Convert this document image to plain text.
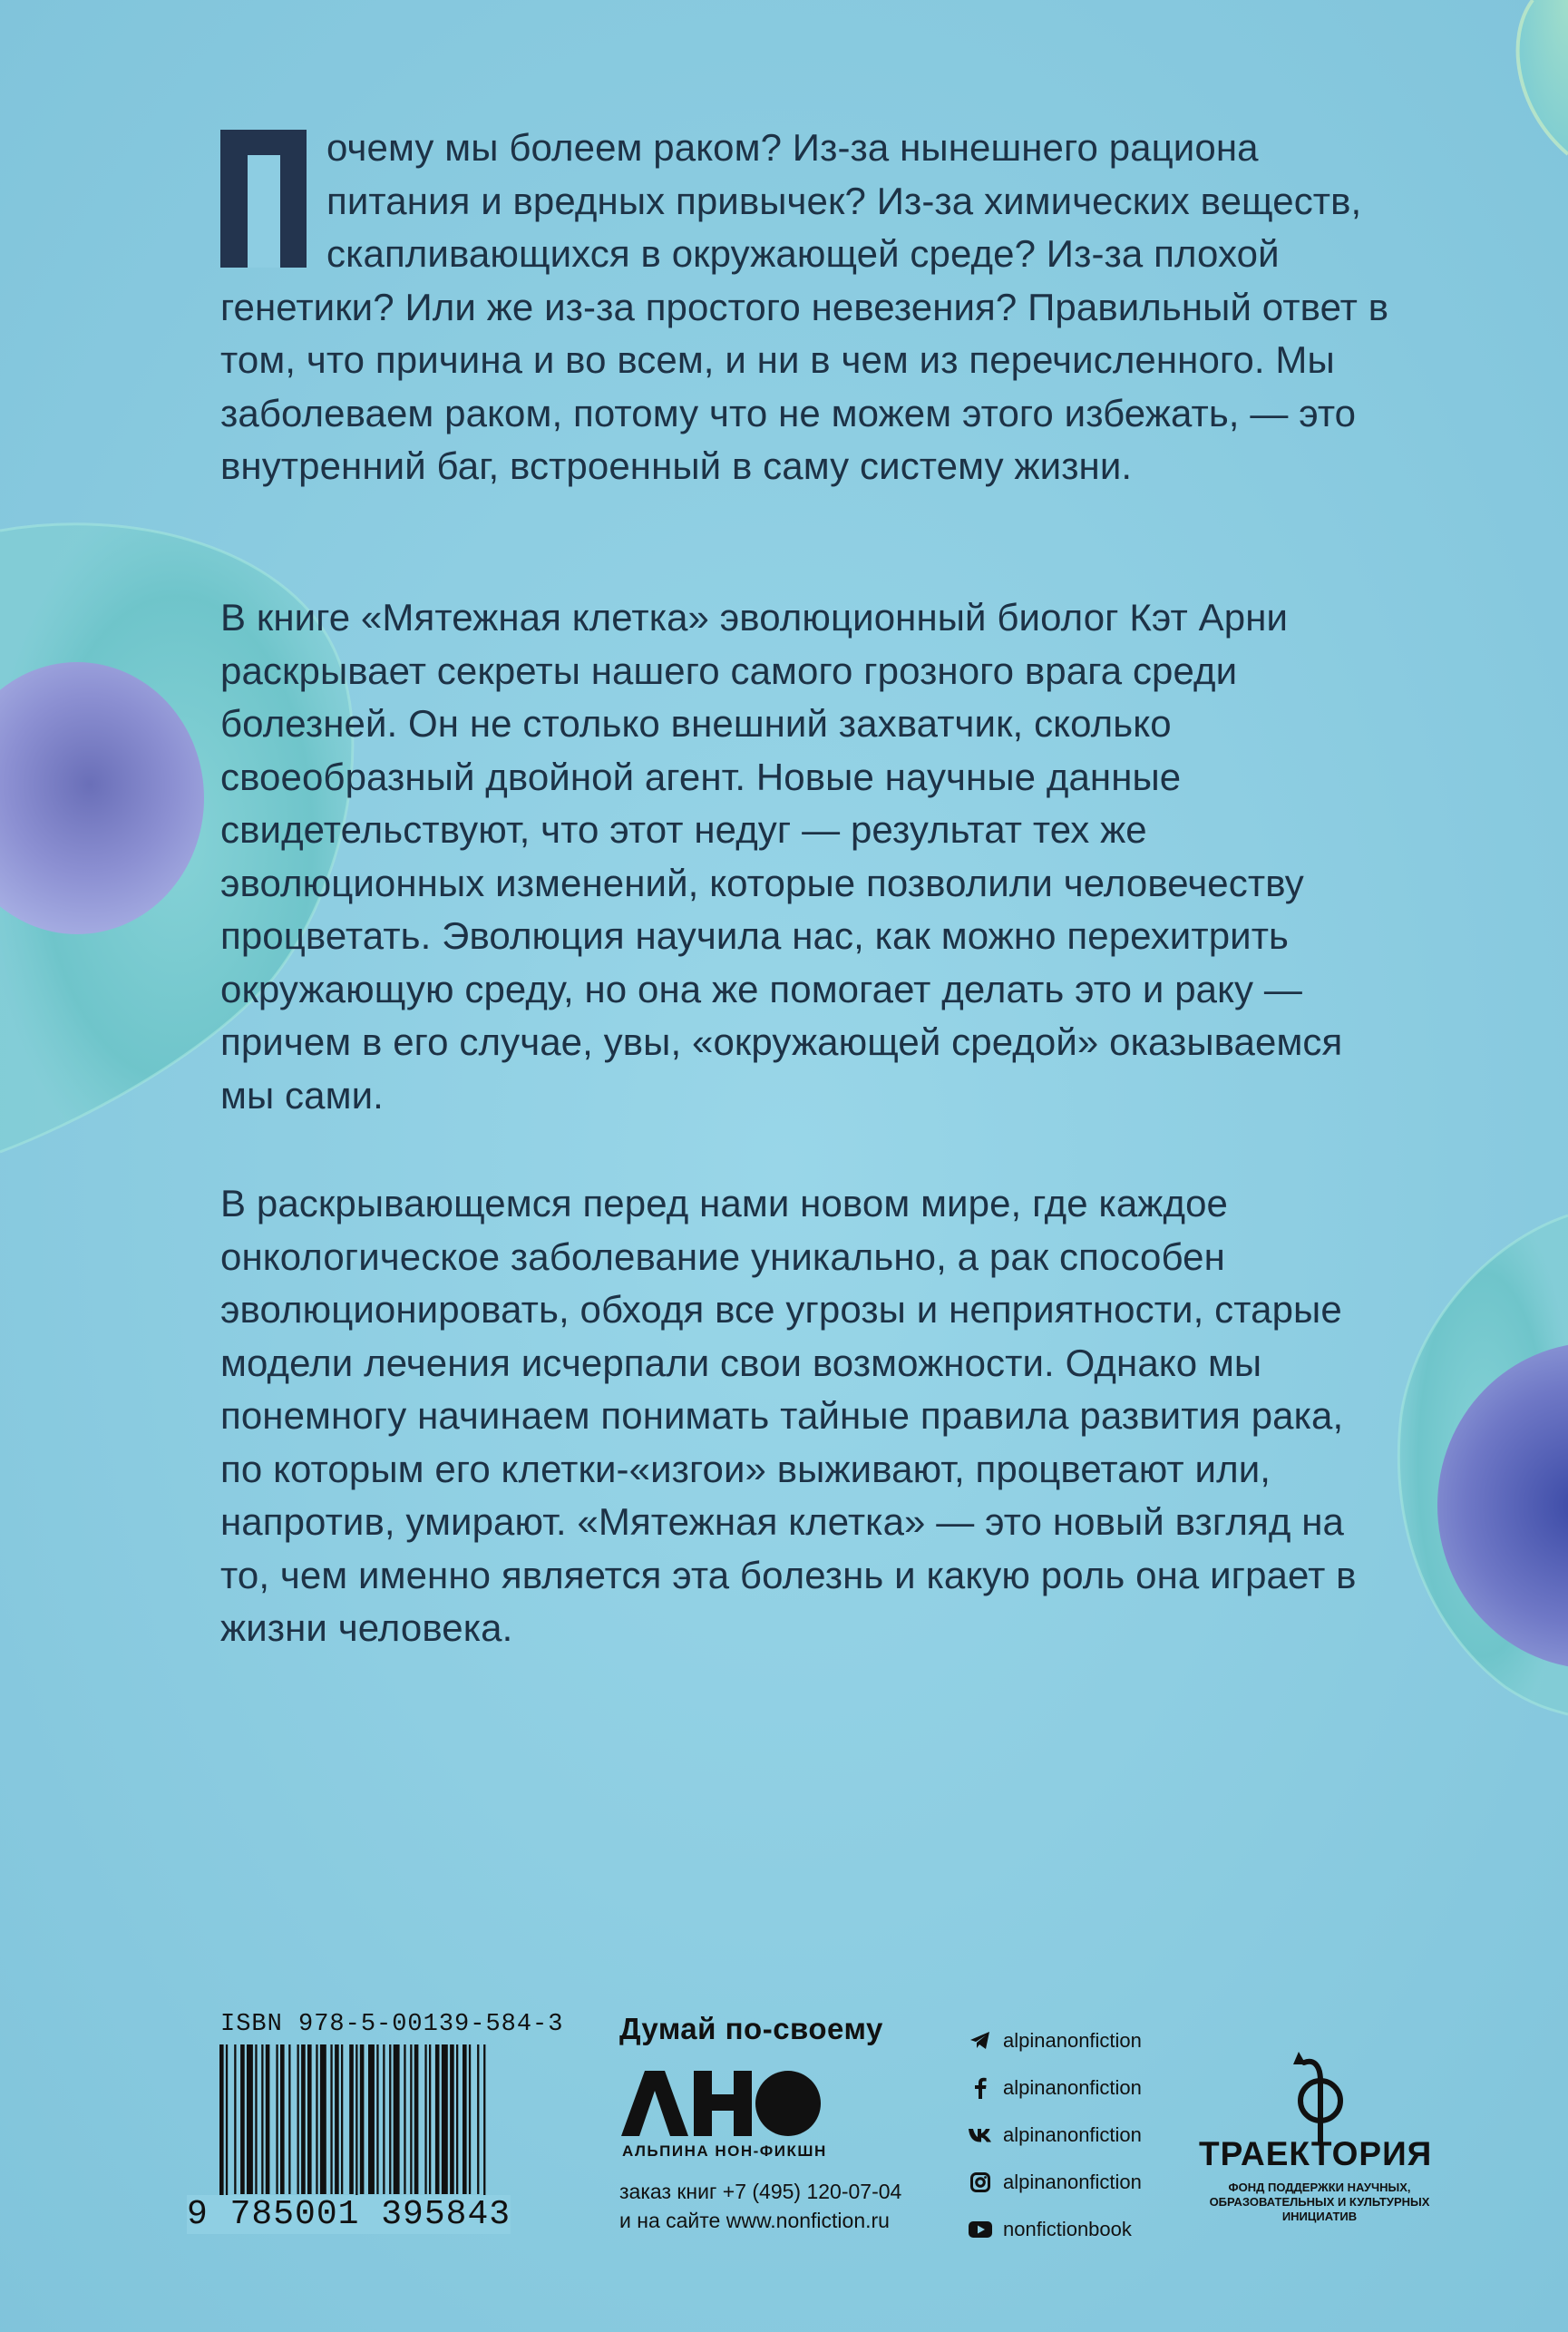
очему мы болеем раком? Из-за нынешнего рациона питания и вредных привычек? Из-за химических веществ, скапливающихся в окружающей среде? Из-за плохой генетики? Или же из-за простого невезения? Правильный ответ в том, что причина и во всем, и ни в чем из перечисленного. Мы заболеваем раком, потому что не можем этого избежать, — это внутренний баг, встроенный в саму систему жизни.

В книге «Мятежная клетка» эволюционный биолог Кэт Арни раскрывает секреты нашего самого грозного врага среди болезней. Он не столько внешний захватчик, сколько своеобразный двойной агент. Новые научные данные свидетельствуют, что этот недуг — результат тех же эволюционных изменений, которые позволили человечеству процветать. Эволюция научила нас, как можно перехитрить окружающую среду, но она же помогает делать это и раку — причем в его случае, увы, «окружающей средой» оказываемся мы сами.

В раскрывающемся перед нами новом мире, где каждое онкологическое заболевание уникально, а рак способен эволюционировать, обходя все угрозы и неприятности, старые модели лечения исчерпали свои возможности. Однако мы понемногу начинаем понимать тайные правила развития рака, по которым его клетки-«изгои» выживают, процветают или, напротив, умирают. «Мятежная клетка» — это новый взгляд на то, чем именно является эта болезнь и какую роль она играет в жизни человека.

ISBN 978-5-00139-584-3
9 785001 395843
Думай по-своему
АЛЬПИНА НОН-ФИКШН
заказ книг +7 (495) 120-07-04
и на сайте www.nonfiction.ru
alpinanonfiction
alpinanonfiction
alpinanonfiction
alpinanonfiction
nonfictionbook
ТРАЕКТОРИЯ
ФОНД ПОДДЕРЖКИ НАУЧНЫХ,
ОБРАЗОВАТЕЛЬНЫХ И КУЛЬТУРНЫХ
ИНИЦИАТИВ
